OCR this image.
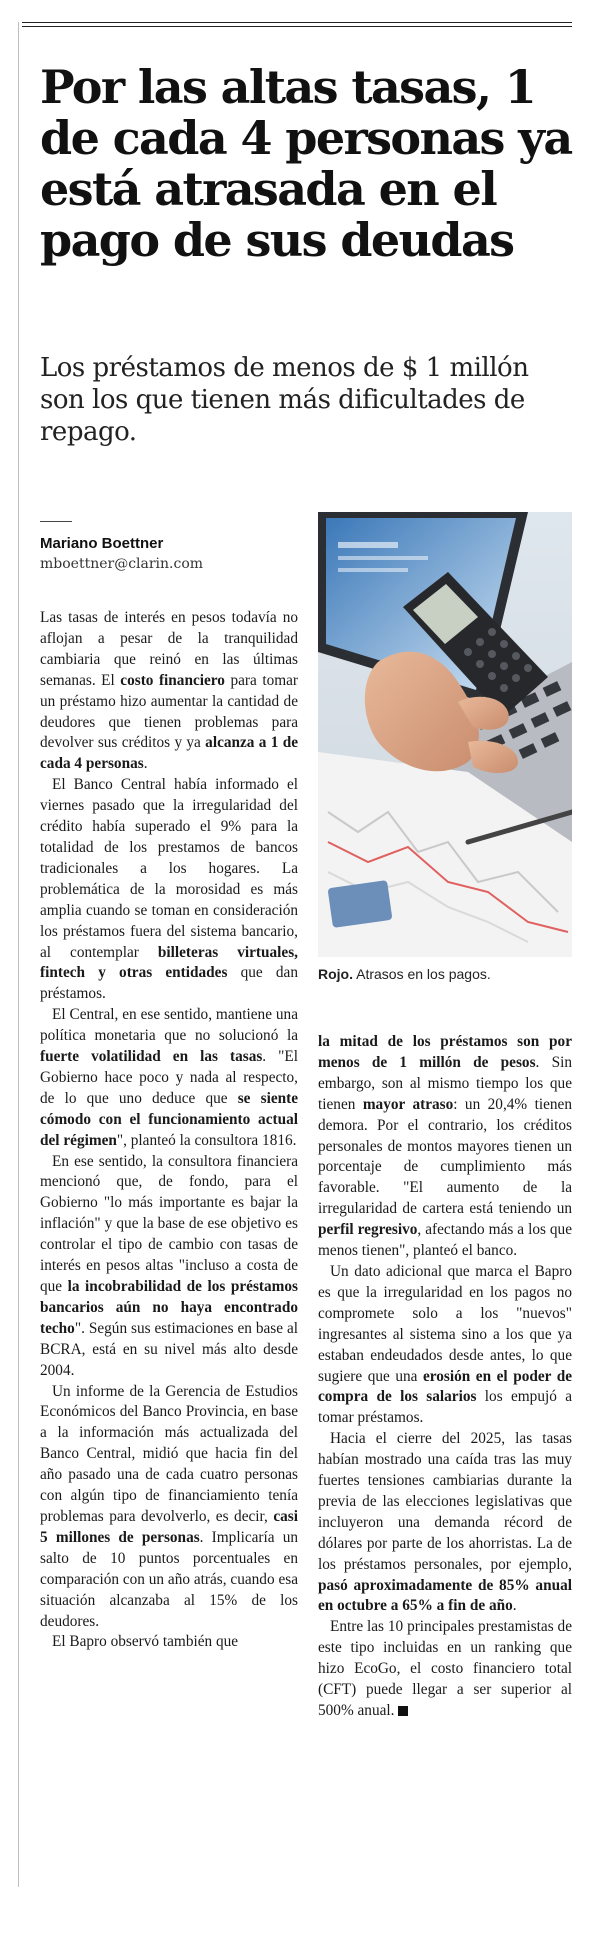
Por las altas tasas, 1 de cada 4 personas ya está atrasada en el pago de sus deudas

Los préstamos de menos de $ 1 millón son los que tienen más dificultades de repago.

Mariano Boettner
mboettner@clarin.com
Rojo. Atrasos en los pagos.

Las tasas de interés en pesos todavía no aflojan a pesar de la tranquilidad cambiaria que reinó en las últimas semanas. El costo financiero para tomar un préstamo hizo aumentar la cantidad de deudores que tienen problemas para devolver sus créditos y ya alcanza a 1 de cada 4 personas.

El Banco Central había informado el viernes pasado que la irregularidad del crédito había superado el 9% para la totalidad de los prestamos de bancos tradicionales a los hogares. La problemática de la morosidad es más amplia cuando se toman en consideración los préstamos fuera del sistema bancario, al contemplar billeteras virtuales, fintech y otras entidades que dan préstamos.

El Central, en ese sentido, mantiene una política monetaria que no solucionó la fuerte volatilidad en las tasas. "El Gobierno hace poco y nada al respecto, de lo que uno deduce que se siente cómodo con el funcionamiento actual del régimen", planteó la consultora 1816.

En ese sentido, la consultora financiera mencionó que, de fondo, para el Gobierno "lo más importante es bajar la inflación" y que la base de ese objetivo es controlar el tipo de cambio con tasas de interés en pesos altas "incluso a costa de que la incobrabilidad de los préstamos bancarios aún no haya encontrado techo". Según sus estimaciones en base al BCRA, está en su nivel más alto desde 2004.

Un informe de la Gerencia de Estudios Económicos del Banco Provincia, en base a la información más actualizada del Banco Central, midió que hacia fin del año pasado una de cada cuatro personas con algún tipo de financiamiento tenía problemas para devolverlo, es decir, casi 5 millones de personas. Implicaría un salto de 10 puntos porcentuales en comparación con un año atrás, cuando esa situación alcanzaba al 15% de los deudores.

El Bapro observó también que

la mitad de los préstamos son por menos de 1 millón de pesos. Sin embargo, son al mismo tiempo los que tienen mayor atraso: un 20,4% tienen demora. Por el contrario, los créditos personales de montos mayores tienen un porcentaje de cumplimiento más favorable. "El aumento de la irregularidad de cartera está teniendo un perfil regresivo, afectando más a los que menos tienen", planteó el banco.

Un dato adicional que marca el Bapro es que la irregularidad en los pagos no compromete solo a los "nuevos" ingresantes al sistema sino a los que ya estaban endeudados desde antes, lo que sugiere que una erosión en el poder de compra de los salarios los empujó a tomar préstamos.

Hacia el cierre del 2025, las tasas habían mostrado una caída tras las muy fuertes tensiones cambiarias durante la previa de las elecciones legislativas que incluyeron una demanda récord de dólares por parte de los ahorristas. La de los préstamos personales, por ejemplo, pasó aproximadamente de 85% anual en octubre a 65% a fin de año.

Entre las 10 principales prestamistas de este tipo incluidas en un ranking que hizo EcoGo, el costo financiero total (CFT) puede llegar a ser superior al 500% anual.
